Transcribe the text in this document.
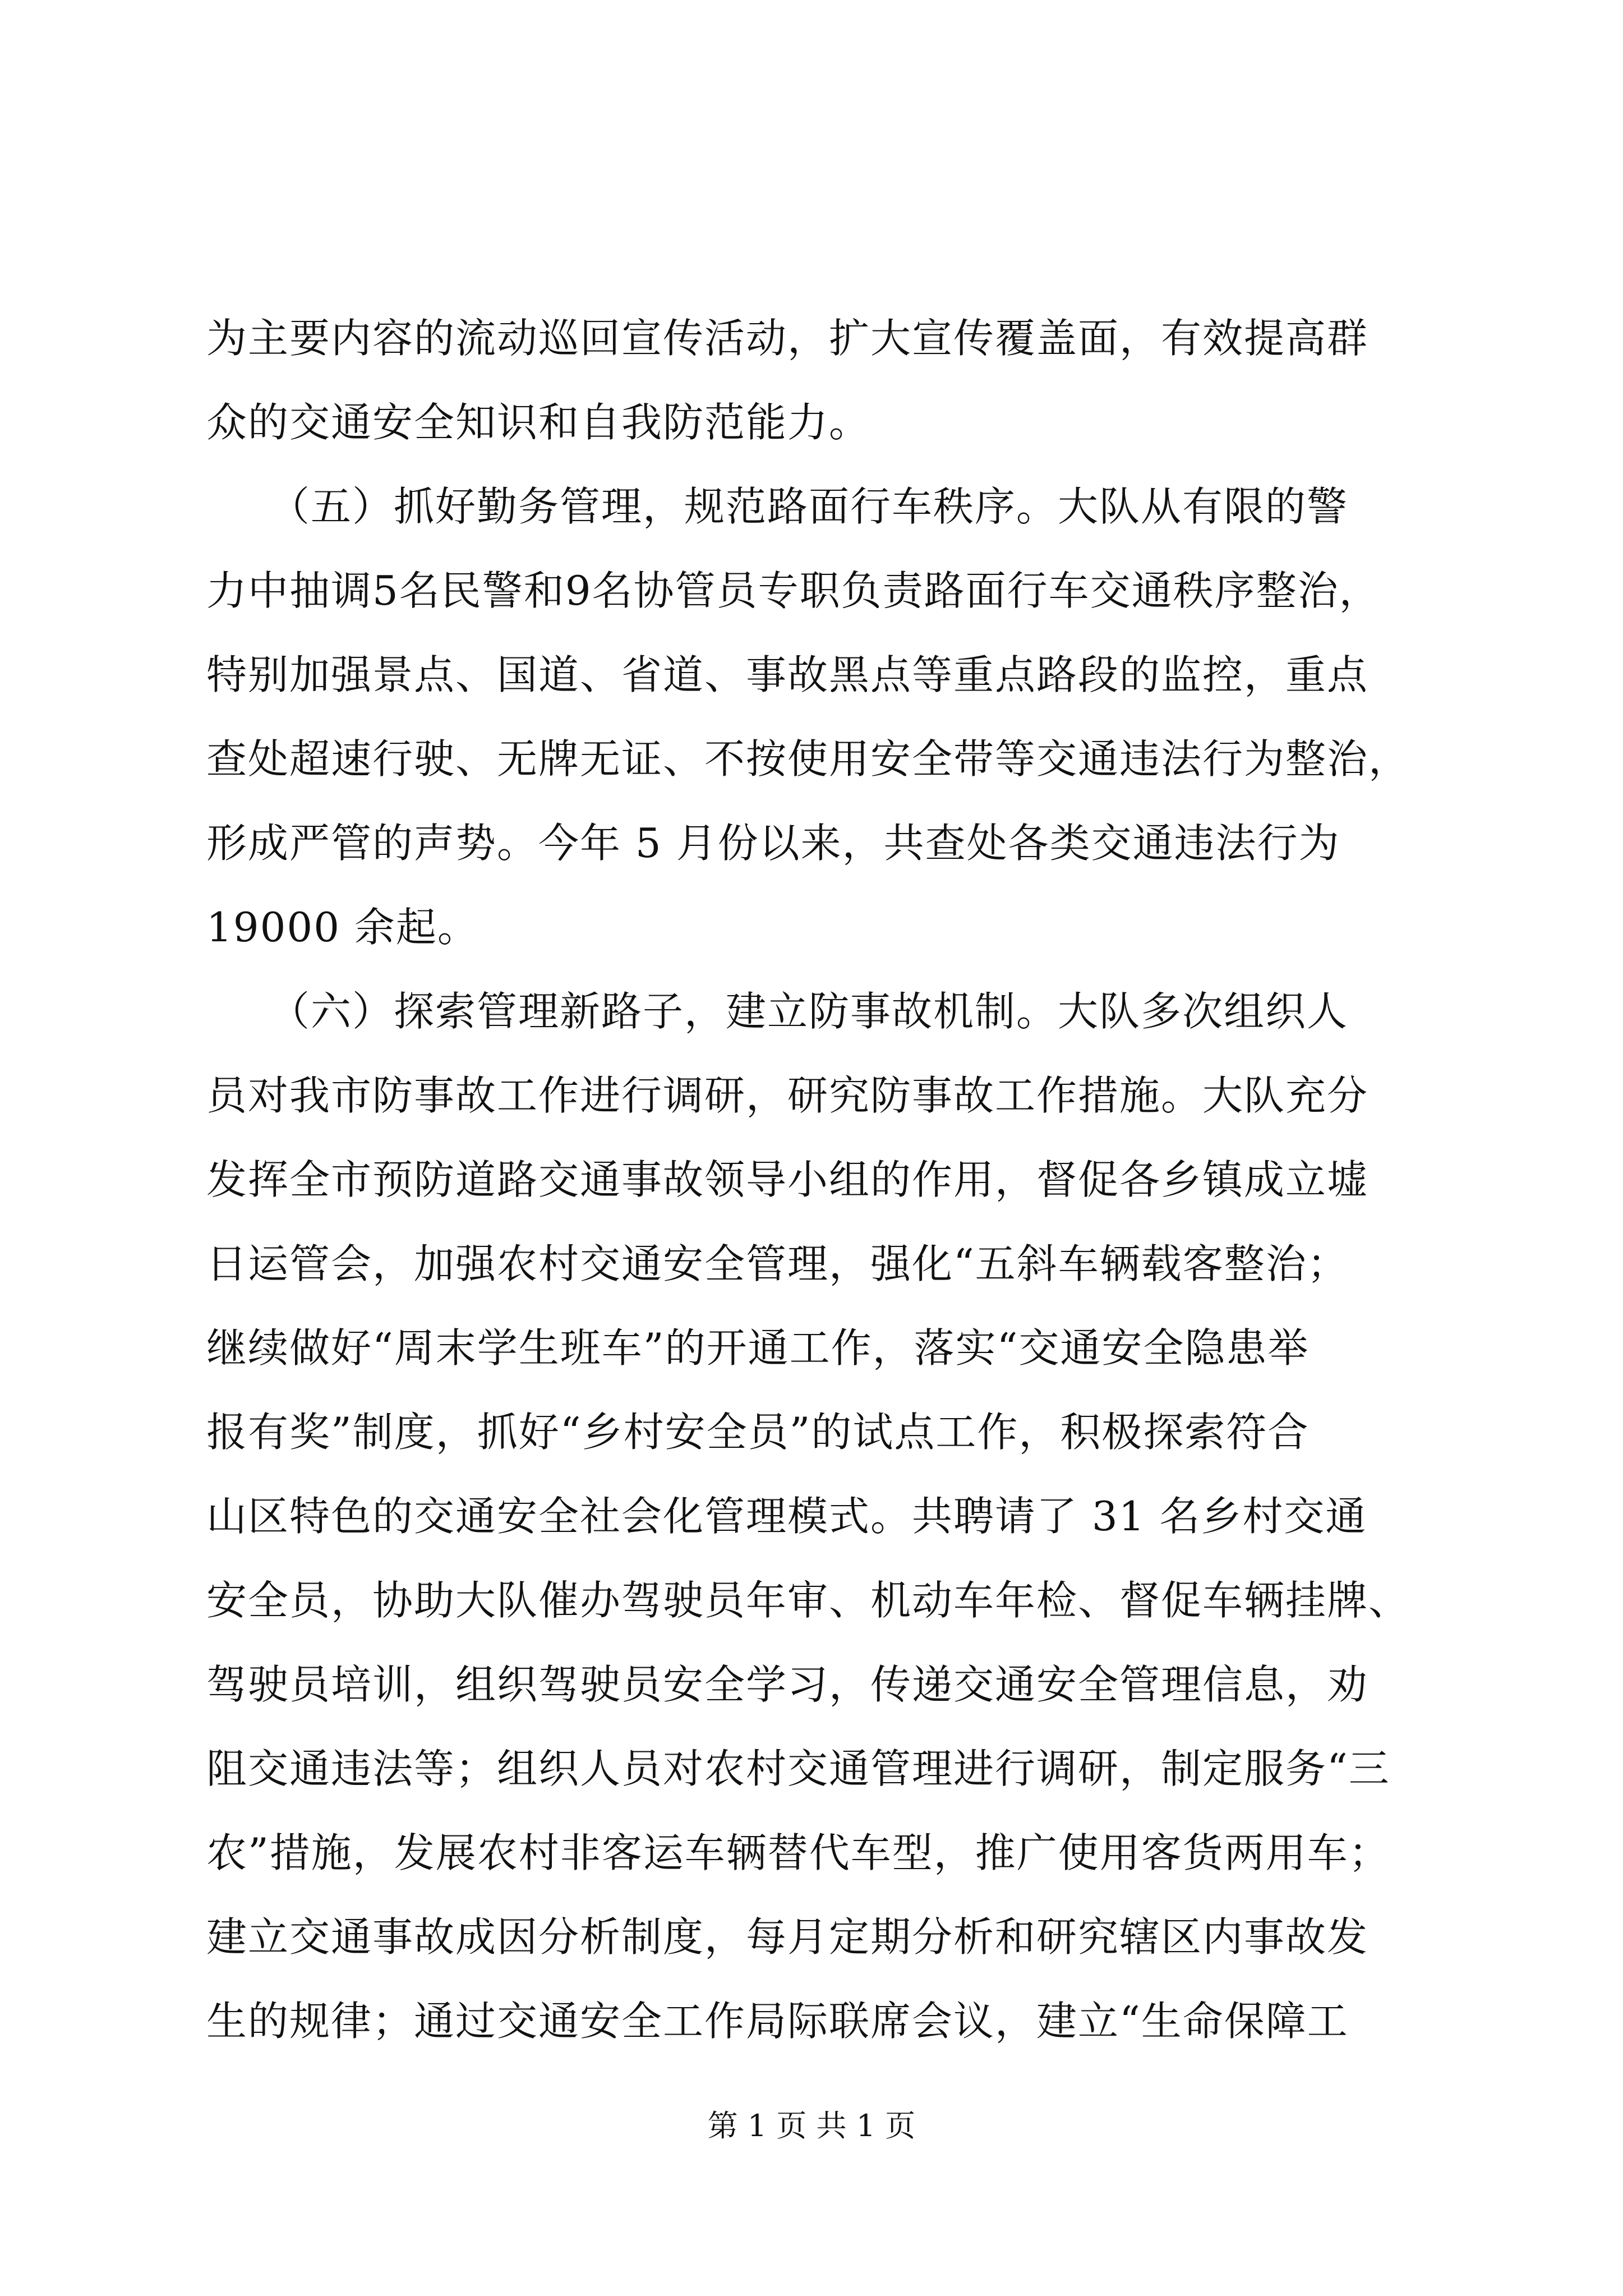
为主要内容的流动巡回宣传活动，扩大宣传覆盖面，有效提高群
众的交通安全知识和自我防范能力。
　　（五）抓好勤务管理，规范路面行车秩序。大队从有限的警
力中抽调5名民警和9名协管员专职负责路面行车交通秩序整治，
特别加强景点、国道、省道、事故黑点等重点路段的监控，重点
查处超速行驶、无牌无证、不按使用安全带等交通违法行为整治，
形成严管的声势。今年 5 月份以来，共查处各类交通违法行为
19000 余起。
　　（六）探索管理新路子，建立防事故机制。大队多次组织人
员对我市防事故工作进行调研，研究防事故工作措施。大队充分
发挥全市预防道路交通事故领导小组的作用，督促各乡镇成立墟
日运管会，加强农村交通安全管理，强化“五斜车辆载客整治；
继续做好“周末学生班车”的开通工作，落实“交通安全隐患举
报有奖”制度，抓好“乡村安全员”的试点工作，积极探索符合
山区特色的交通安全社会化管理模式。共聘请了 31 名乡村交通
安全员，协助大队催办驾驶员年审、机动车年检、督促车辆挂牌、
驾驶员培训，组织驾驶员安全学习，传递交通安全管理信息，劝
阻交通违法等；组织人员对农村交通管理进行调研，制定服务“三
农”措施，发展农村非客运车辆替代车型，推广使用客货两用车；
建立交通事故成因分析制度，每月定期分析和研究辖区内事故发
生的规律；通过交通安全工作局际联席会议，建立“生命保障工
第 1 页 共 1 页
